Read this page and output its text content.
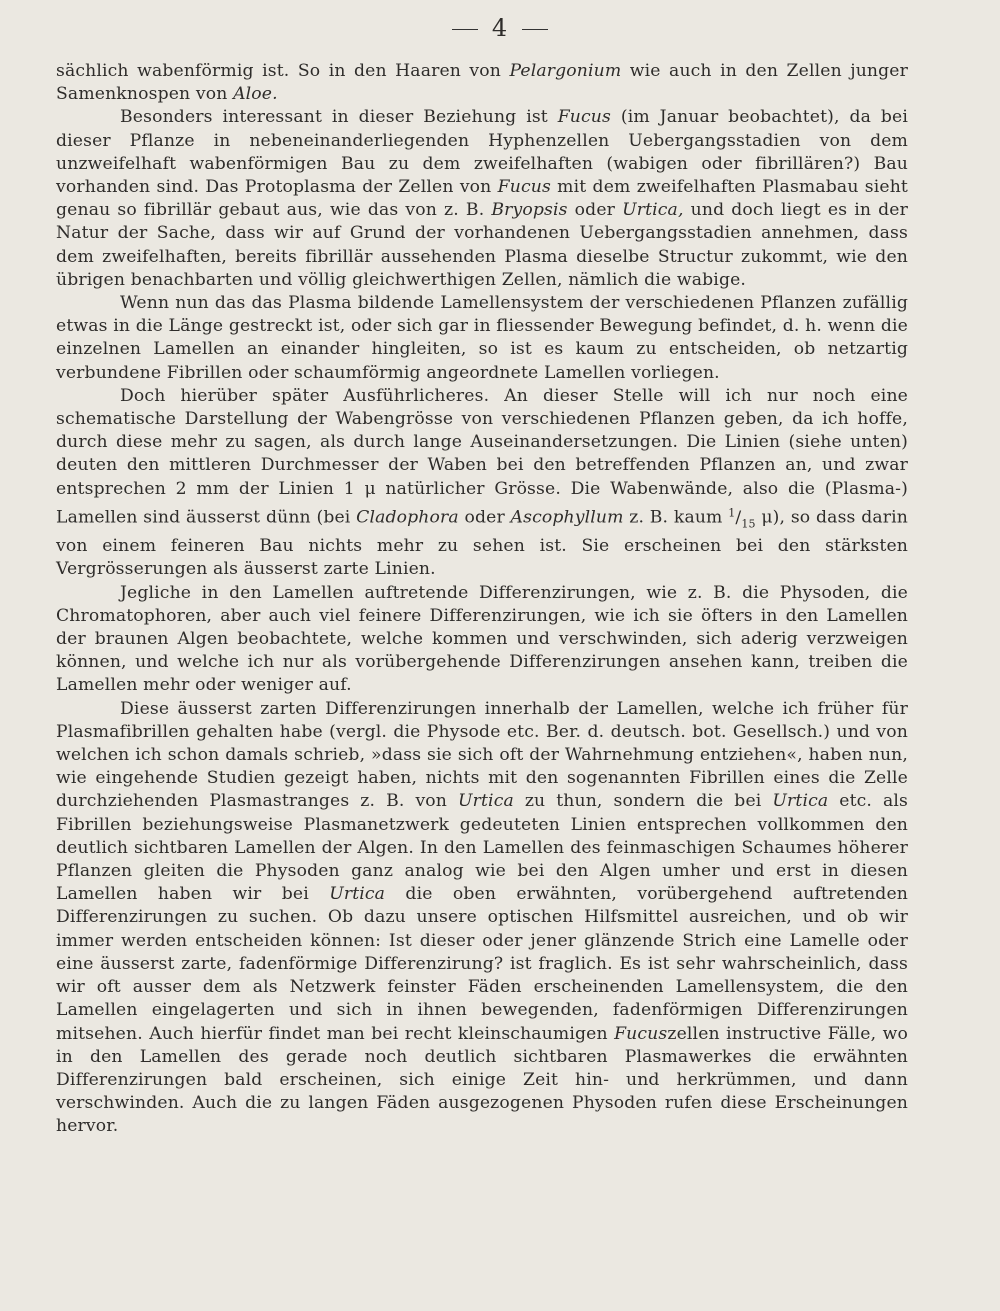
4

sächlich wabenförmig ist. So in den Haaren von Pelargonium wie auch in den Zellen junger Samenknospen von Aloe.

Besonders interessant in dieser Beziehung ist Fucus (im Januar beobachtet), da bei dieser Pflanze in nebeneinanderliegenden Hyphenzellen Uebergangsstadien von dem unzweifelhaft wabenförmigen Bau zu dem zweifelhaften (wabigen oder fibrillären?) Bau vorhanden sind. Das Protoplasma der Zellen von Fucus mit dem zweifelhaften Plasmabau sieht genau so fibrillär gebaut aus, wie das von z. B. Bryopsis oder Urtica, und doch liegt es in der Natur der Sache, dass wir auf Grund der vorhandenen Uebergangsstadien annehmen, dass dem zweifelhaften, bereits fibrillär aussehenden Plasma dieselbe Structur zukommt, wie den übrigen benachbarten und völlig gleichwerthigen Zellen, nämlich die wabige.

Wenn nun das das Plasma bildende Lamellensystem der verschiedenen Pflanzen zufällig etwas in die Länge gestreckt ist, oder sich gar in fliessender Bewegung befindet, d. h. wenn die einzelnen Lamellen an einander hingleiten, so ist es kaum zu entscheiden, ob netzartig verbundene Fibrillen oder schaumförmig angeordnete Lamellen vorliegen.

Doch hierüber später Ausführlicheres. An dieser Stelle will ich nur noch eine schematische Darstellung der Wabengrösse von verschiedenen Pflanzen geben, da ich hoffe, durch diese mehr zu sagen, als durch lange Auseinandersetzungen. Die Linien (siehe unten) deuten den mittleren Durchmesser der Waben bei den betreffenden Pflanzen an, und zwar entsprechen 2 mm der Linien 1 μ natürlicher Grösse. Die Wabenwände, also die (Plasma-) Lamellen sind äusserst dünn (bei Cladophora oder Ascophyllum z. B. kaum $^1/_{15}$ μ), so dass darin von einem feineren Bau nichts mehr zu sehen ist. Sie erscheinen bei den stärksten Vergrösserungen als äusserst zarte Linien.

Jegliche in den Lamellen auftretende Differenzirungen, wie z. B. die Physoden, die Chromatophoren, aber auch viel feinere Differenzirungen, wie ich sie öfters in den Lamellen der braunen Algen beobachtete, welche kommen und verschwinden, sich aderig verzweigen können, und welche ich nur als vorübergehende Differenzirungen ansehen kann, treiben die Lamellen mehr oder weniger auf.

Diese äusserst zarten Differenzirungen innerhalb der Lamellen, welche ich früher für Plasmafibrillen gehalten habe (vergl. die Physode etc. Ber. d. deutsch. bot. Gesellsch.) und von welchen ich schon damals schrieb, »dass sie sich oft der Wahrnehmung entziehen«, haben nun, wie eingehende Studien gezeigt haben, nichts mit den sogenannten Fibrillen eines die Zelle durchziehenden Plasmastranges z. B. von Urtica zu thun, sondern die bei Urtica etc. als Fibrillen beziehungsweise Plasmanetzwerk gedeuteten Linien entsprechen vollkommen den deutlich sichtbaren Lamellen der Algen. In den Lamellen des feinmaschigen Schaumes höherer Pflanzen gleiten die Physoden ganz analog wie bei den Algen umher und erst in diesen Lamellen haben wir bei Urtica die oben erwähnten, vorübergehend auftretenden Differenzirungen zu suchen. Ob dazu unsere optischen Hilfsmittel ausreichen, und ob wir immer werden entscheiden können: Ist dieser oder jener glänzende Strich eine Lamelle oder eine äusserst zarte, fadenförmige Differenzirung? ist fraglich. Es ist sehr wahrscheinlich, dass wir oft ausser dem als Netzwerk feinster Fäden erscheinenden Lamellensystem, die den Lamellen eingelagerten und sich in ihnen bewegenden, fadenförmigen Differenzirungen mitsehen. Auch hierfür findet man bei recht kleinschaumigen Fucuszellen instructive Fälle, wo in den Lamellen des gerade noch deutlich sichtbaren Plasmawerkes die erwähnten Differenzirungen bald erscheinen, sich einige Zeit hin- und herkrümmen, und dann verschwinden. Auch die zu langen Fäden ausgezogenen Physoden rufen diese Erscheinungen hervor.
